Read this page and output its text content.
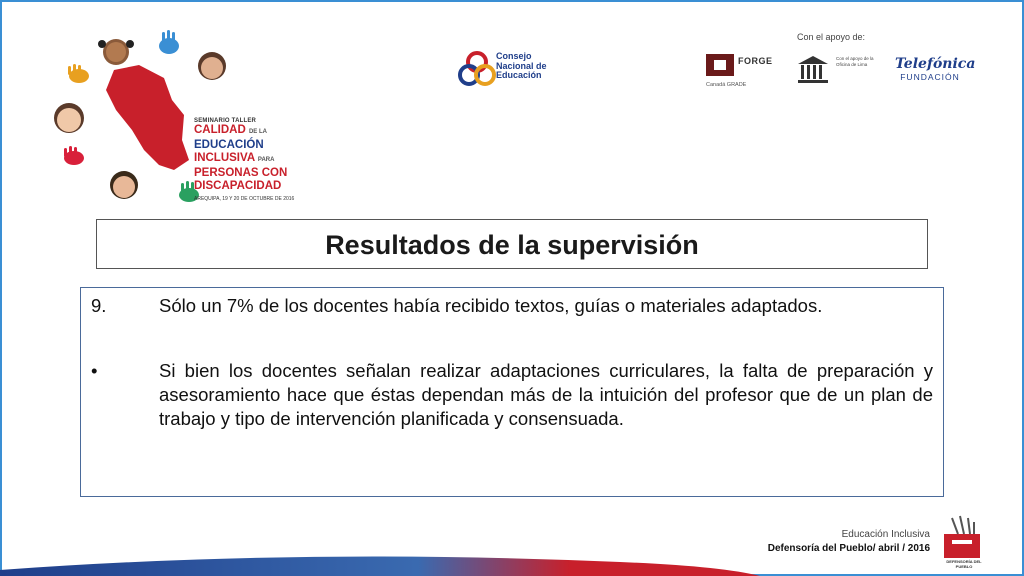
SEMINARIO TALLER
CALIDAD DE LA
EDUCACIÓN
INCLUSIVA PARA
PERSONAS CON
DISCAPACIDAD
AREQUIPA, 19 Y 20 DE OCTUBRE DE 2016
Consejo
Nacional de
Educación
Con el apoyo de:
FORGE
Canadá GRADE
Con el apoyo de la Oficina de Lima	Telefónica
FUNDACIÓN
Resultados de la supervisión
9.	Sólo un 7% de los docentes había recibido textos, guías o materiales adaptados.
•	Si bien los docentes señalan realizar adaptaciones curriculares, la falta de preparación y asesoramiento hace que éstas dependan más de la intuición del profesor que de un plan de trabajo y tipo de intervención planificada y consensuada.
Educación Inclusiva
Defensoría del Pueblo/ abril / 2016
DEFENSORÍA DEL PUEBLO
